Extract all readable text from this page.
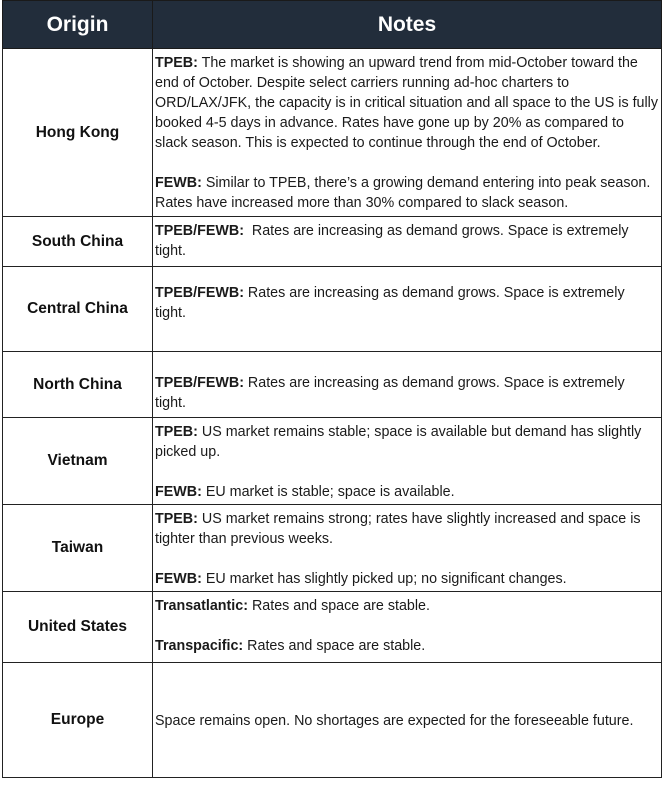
Origin	Notes
Hong Kong	TPEB: The market is showing an upward trend from mid-October toward the end of October. Despite select carriers running ad-hoc charters to ORD/LAX/JFK, the capacity is in critical situation and all space to the US is fully booked 4-5 days in advance. Rates have gone up by 20% as compared to slack season. This is expected to continue through the end of October.

FEWB: Similar to TPEB, there’s a growing demand entering into peak season. Rates have increased more than 30% compared to slack season.

South China	TPEB/FEWB:  Rates are increasing as demand grows. Space is extremely tight.

Central China	TPEB/FEWB: Rates are increasing as demand grows. Space is extremely tight.

North China	TPEB/FEWB: Rates are increasing as demand grows. Space is extremely tight.

Vietnam	TPEB: US market remains stable; space is available but demand has slightly picked up.

FEWB: EU market is stable; space is available.

Taiwan	TPEB: US market remains strong; rates have slightly increased and space is tighter than previous weeks.

FEWB: EU market has slightly picked up; no significant changes.

United States	Transatlantic: Rates and space are stable.

Transpacific: Rates and space are stable.

Europe	Space remains open. No shortages are expected for the foreseeable future.
